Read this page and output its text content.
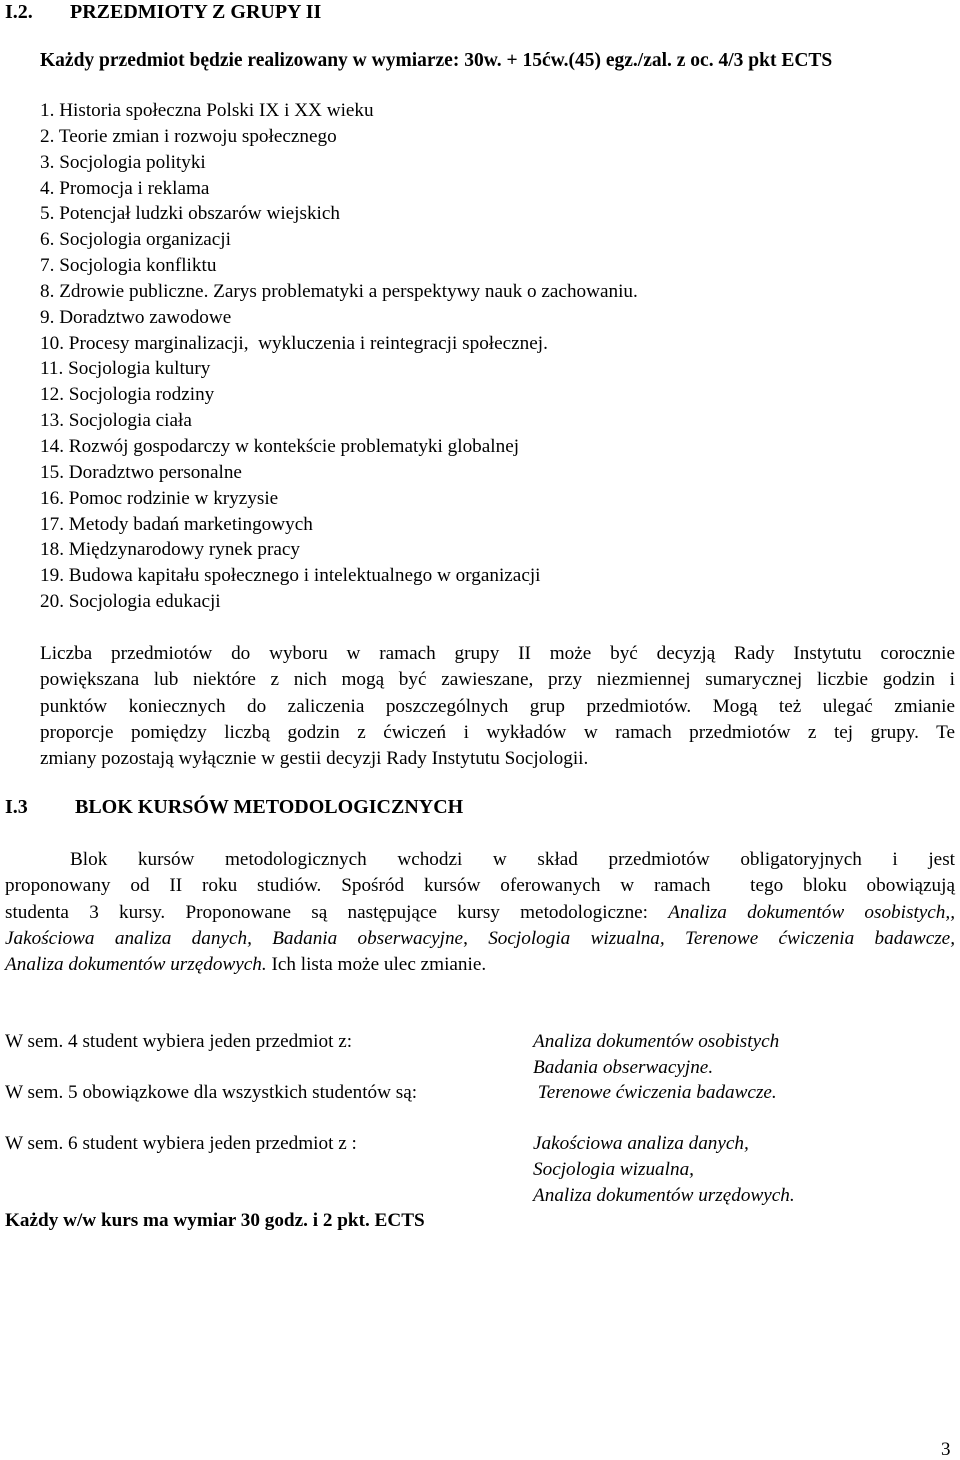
I.2. PRZEDMIOTY Z GRUPY II
Każdy przedmiot będzie realizowany w wymiarze: 30w. + 15ćw.(45) egz./zal. z oc. 4/3 pkt ECTS
1. Historia społeczna Polski IX i XX wieku
2. Teorie zmian i rozwoju społecznego
3. Socjologia polityki
4. Promocja i reklama
5. Potencjał ludzki obszarów wiejskich
6. Socjologia organizacji
7. Socjologia konfliktu
8. Zdrowie publiczne. Zarys problematyki a perspektywy nauk o zachowaniu.
9. Doradztwo zawodowe
10. Procesy marginalizacji,  wykluczenia i reintegracji społecznej.
11. Socjologia kultury
12. Socjologia rodziny
13. Socjologia ciała
14. Rozwój gospodarczy w kontekście problematyki globalnej
15. Doradztwo personalne
16. Pomoc rodzinie w kryzysie
17. Metody badań marketingowych
18. Międzynarodowy rynek pracy
19. Budowa kapitału społecznego i intelektualnego w organizacji
20. Socjologia edukacji
Liczba przedmiotów do wyboru w ramach grupy II może być decyzją Rady Instytutu corocznie
powiększana lub niektóre z nich mogą być zawieszane, przy niezmiennej sumarycznej liczbie godzin i
punktów koniecznych do zaliczenia poszczególnych grup przedmiotów. Mogą też ulegać zmianie
proporcje pomiędzy liczbą godzin z ćwiczeń i wykładów w ramach przedmiotów z tej grupy. Te
zmiany pozostają wyłącznie w gestii decyzji Rady Instytutu Socjologii.
I.3 BLOK KURSÓW METODOLOGICZNYCH
Blok kursów metodologicznych wchodzi w skład przedmiotów obligatoryjnych i jest
proponowany od II roku studiów. Spośród kursów oferowanych w ramach  tego bloku obowiązują
studenta 3 kursy. Proponowane są następujące kursy metodologiczne: Analiza dokumentów osobistych,,
Jakościowa analiza danych, Badania obserwacyjne, Socjologia wizualna, Terenowe ćwiczenia badawcze,
Analiza dokumentów urzędowych. Ich lista może ulec zmianie.
W sem. 4 student wybiera jeden przedmiot z:	Analiza dokumentów osobistych
Badania obserwacyjne.
W sem. 5 obowiązkowe dla wszystkich studentów są:	Terenowe ćwiczenia badawcze.
W sem. 6 student wybiera jeden przedmiot z :	Jakościowa analiza danych,
Socjologia wizualna,
Analiza dokumentów urzędowych.
Każdy w/w kurs ma wymiar 30 godz. i 2 pkt. ECTS
3
